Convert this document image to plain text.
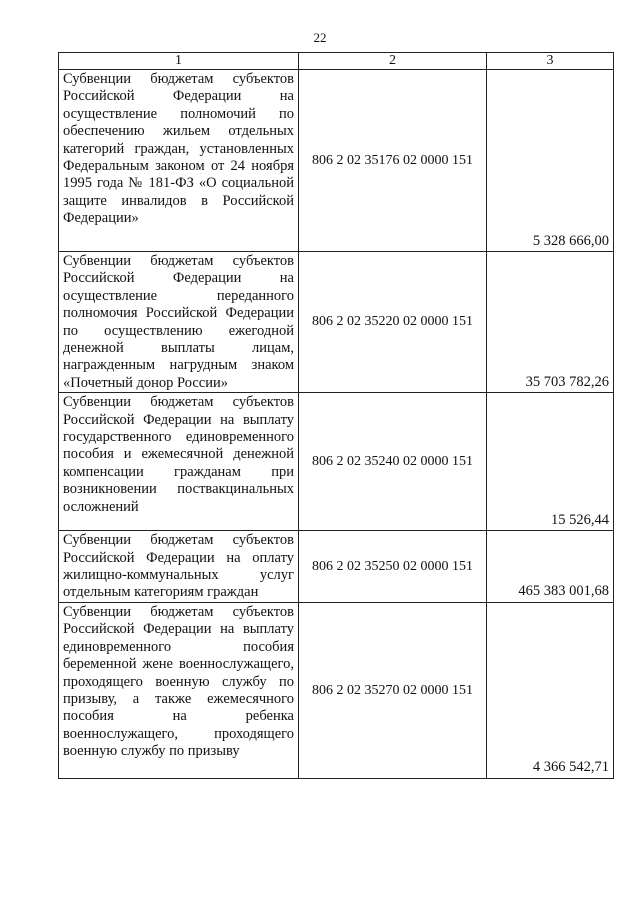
22
1	2	3
Субвенции бюджетам субъектов Российской Федерации на осуществление полномочий по обеспечению жильем отдельных категорий граждан, установленных Федеральным законом от 24 ноября 1995 года № 181-ФЗ «О социальной защите инвалидов в Российской Федерации»	806 2 02 35176 02 0000 151	5 328 666,00
Субвенции бюджетам субъектов Российской Федерации на осуществление переданного полномочия Российской Федерации по осуществлению ежегодной денежной выплаты лицам, награжденным нагрудным знаком «Почетный донор России»	806 2 02 35220 02 0000 151	35 703 782,26
Субвенции бюджетам субъектов Российской Федерации на выплату государственного единовременного пособия и ежемесячной денежной компенсации гражданам при возникновении поствакцинальных осложнений	806 2 02 35240 02 0000 151	15 526,44
Субвенции бюджетам субъектов Российской Федерации на оплату жилищно-коммунальных услуг отдельным категориям граждан	806 2 02 35250 02 0000 151	465 383 001,68
Субвенции бюджетам субъектов Российской Федерации на выплату единовременного пособия беременной жене военнослужащего, проходящего военную службу по призыву, а также ежемесячного пособия на ребенка военнослужащего, проходящего военную службу по призыву	806 2 02 35270 02 0000 151	4 366 542,71
